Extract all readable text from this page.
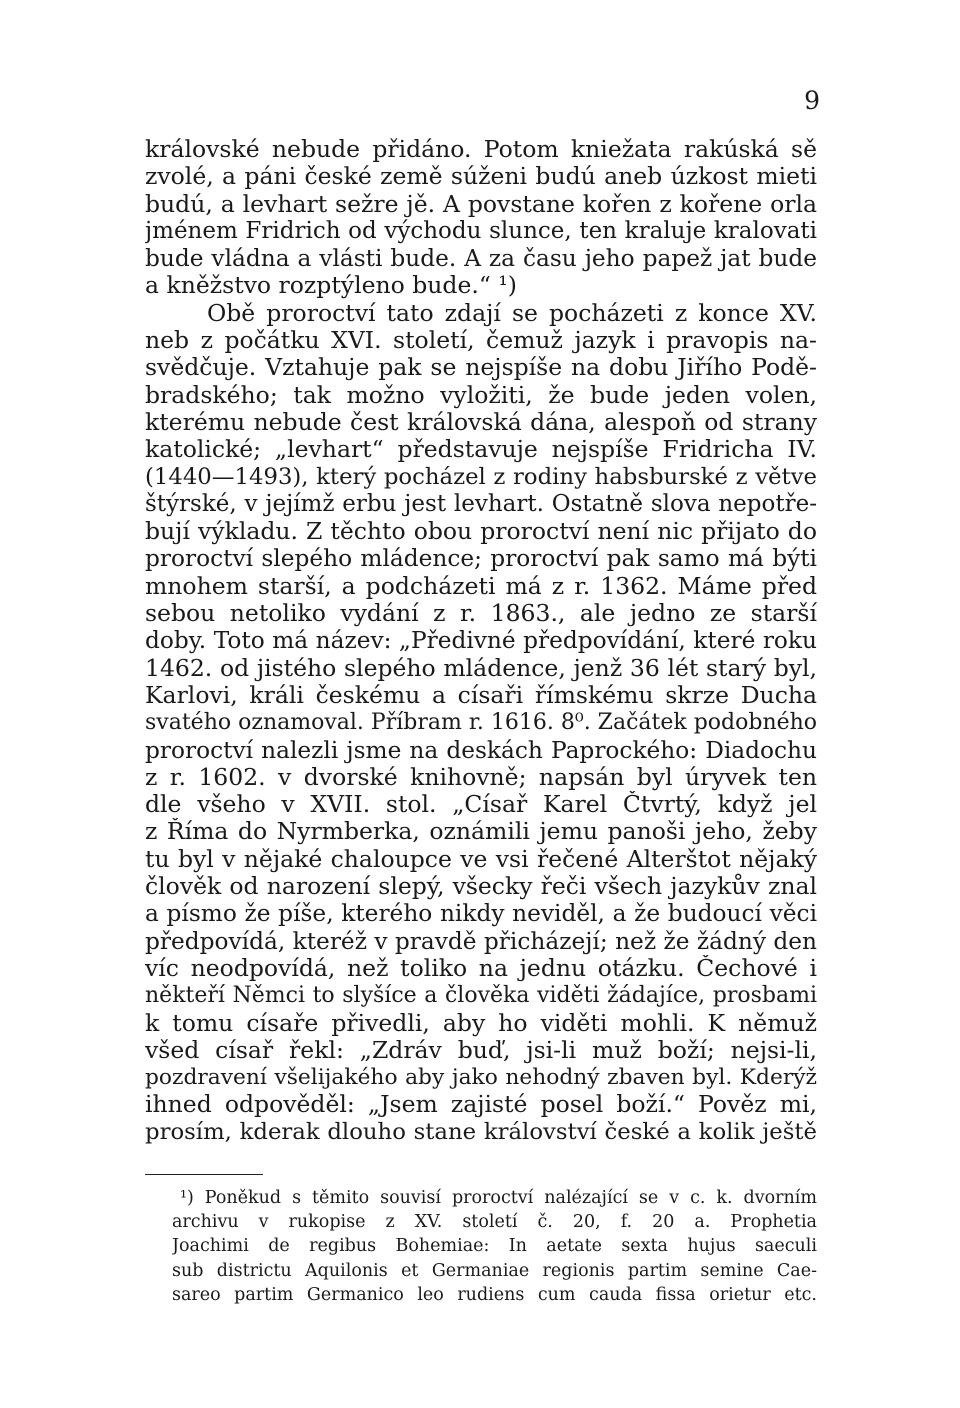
9
královské nebude přidáno. Potom kniežata rakúská sě
zvolé, a páni české země súženi budú aneb úzkost mieti
budú, a levhart sežre jě. A povstane kořen z kořene orla
jménem Fridrich od východu slunce, ten kraluje kralovati
bude vládna a vlásti bude. A za času jeho papež jat bude
a kněžstvo rozptýleno bude.“ ¹)
Obě proroctví tato zdají se pocházeti z konce XV.
neb z počátku XVI. století, čemuž jazyk i pravopis na-
svědčuje. Vztahuje pak se nejspíše na dobu Jiřího Podě-
bradského; tak možno vyložiti, že bude jeden volen,
kterému nebude čest královská dána, alespoň od strany
katolické; „levhart“ představuje nejspíše Fridricha IV.
(1440—1493), který pocházel z rodiny habsburské z větve
štýrské, v jejímž erbu jest levhart. Ostatně slova nepotře-
bují výkladu. Z těchto obou proroctví není nic přijato do
proroctví slepého mládence; proroctví pak samo má býti
mnohem starší, a podcházeti má z r. 1362. Máme před
sebou netoliko vydání z r. 1863., ale jedno ze starší
doby. Toto má název: „Předivné předpovídání, které roku
1462. od jistého slepého mládence, jenž 36 lét starý byl,
Karlovi, králi českému a císaři římskému skrze Ducha
svatého oznamoval. Příbram r. 1616. 8⁰. Začátek podobného
proroctví nalezli jsme na deskách Paprockého: Diadochu
z r. 1602. v dvorské knihovně; napsán byl úryvek ten
dle všeho v XVII. stol. „Císař Karel Čtvrtý, když jel
z Říma do Nyrmberka, oznámili jemu panoši jeho, žeby
tu byl v nějaké chaloupce ve vsi řečené Alterštot nějaký
člověk od narození slepý, všecky řeči všech jazykův znal
a písmo že píše, kterého nikdy neviděl, a že budoucí věci
předpovídá, kteréž v pravdě přicházejí; než že žádný den
víc neodpovídá, než toliko na jednu otázku. Čechové i
někteří Němci to slyšíce a člověka viděti žádajíce, prosbami
k tomu císaře přivedli, aby ho viděti mohli. K němuž
všed císař řekl: „Zdráv buď, jsi-li muž boží; nejsi-li,
pozdravení všelijakého aby jako nehodný zbaven byl. Kderýž
ihned odpověděl: „Jsem zajisté posel boží.“ Pověz mi,
prosím, kderak dlouho stane království české a kolik ještě
¹) Poněkud s těmito souvisí proroctví nalézající se v c. k. dvorním
archivu v rukopise z XV. století č. 20, f. 20 a. Prophetia
Joachimi de regibus Bohemiae: In aetate sexta hujus saeculi
sub districtu Aquilonis et Germaniae regionis partim semine Cae-
sareo partim Germanico leo rudiens cum cauda fissa orietur etc.
